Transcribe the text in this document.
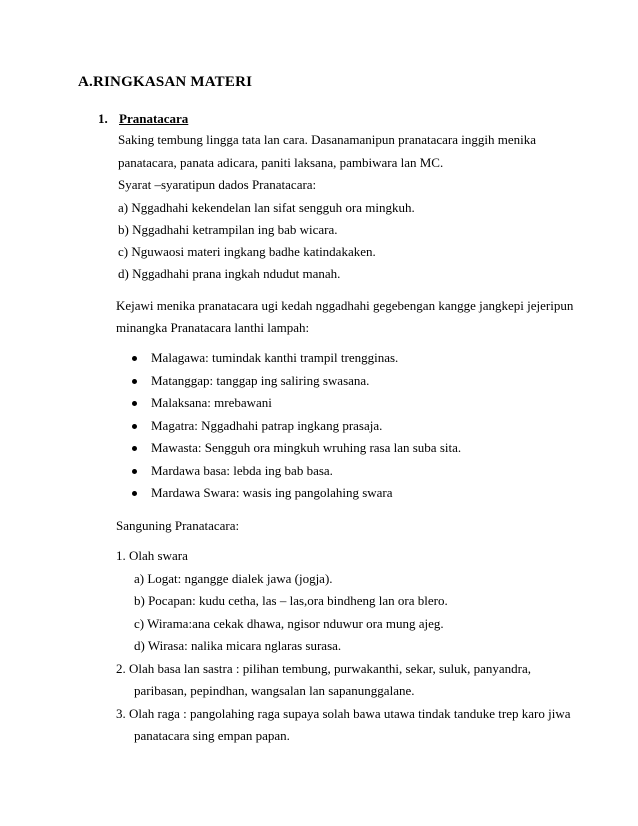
A.RINGKASAN MATERI
1. Pranatacara
Saking tembung lingga tata lan cara. Dasanamanipun pranatacara inggih menika
panatacara, panata adicara, paniti laksana, pambiwara lan MC.
Syarat –syaratipun dados Pranatacara:
a) Nggadhahi kekendelan lan sifat sengguh ora mingkuh.
b) Nggadhahi ketrampilan ing bab wicara.
c) Nguwaosi materi ingkang badhe katindakaken.
d) Nggadhahi prana ingkah ndudut manah.
Kejawi menika pranatacara ugi kedah nggadhahi gegebengan kangge jangkepi jejeripun
minangka Pranatacara lanthi lampah:
Malagawa: tumindak kanthi trampil trengginas.
Matanggap: tanggap ing saliring swasana.
Malaksana: mrebawani
Magatra: Nggadhahi patrap ingkang prasaja.
Mawasta: Sengguh ora mingkuh wruhing rasa lan suba sita.
Mardawa basa: lebda ing bab basa.
Mardawa Swara: wasis ing pangolahing swara
Sanguning Pranatacara:
1. Olah swara
a) Logat: ngangge dialek jawa (jogja).
b) Pocapan: kudu cetha, las – las,ora bindheng lan ora blero.
c) Wirama:ana cekak dhawa, ngisor nduwur ora mung ajeg.
d) Wirasa: nalika micara nglaras surasa.
2. Olah basa lan sastra : pilihan tembung, purwakanthi, sekar, suluk, panyandra,
paribasan, pepindhan, wangsalan lan sapanunggalane.
3. Olah raga : pangolahing raga supaya solah bawa utawa tindak tanduke trep karo jiwa
panatacara sing empan papan.
